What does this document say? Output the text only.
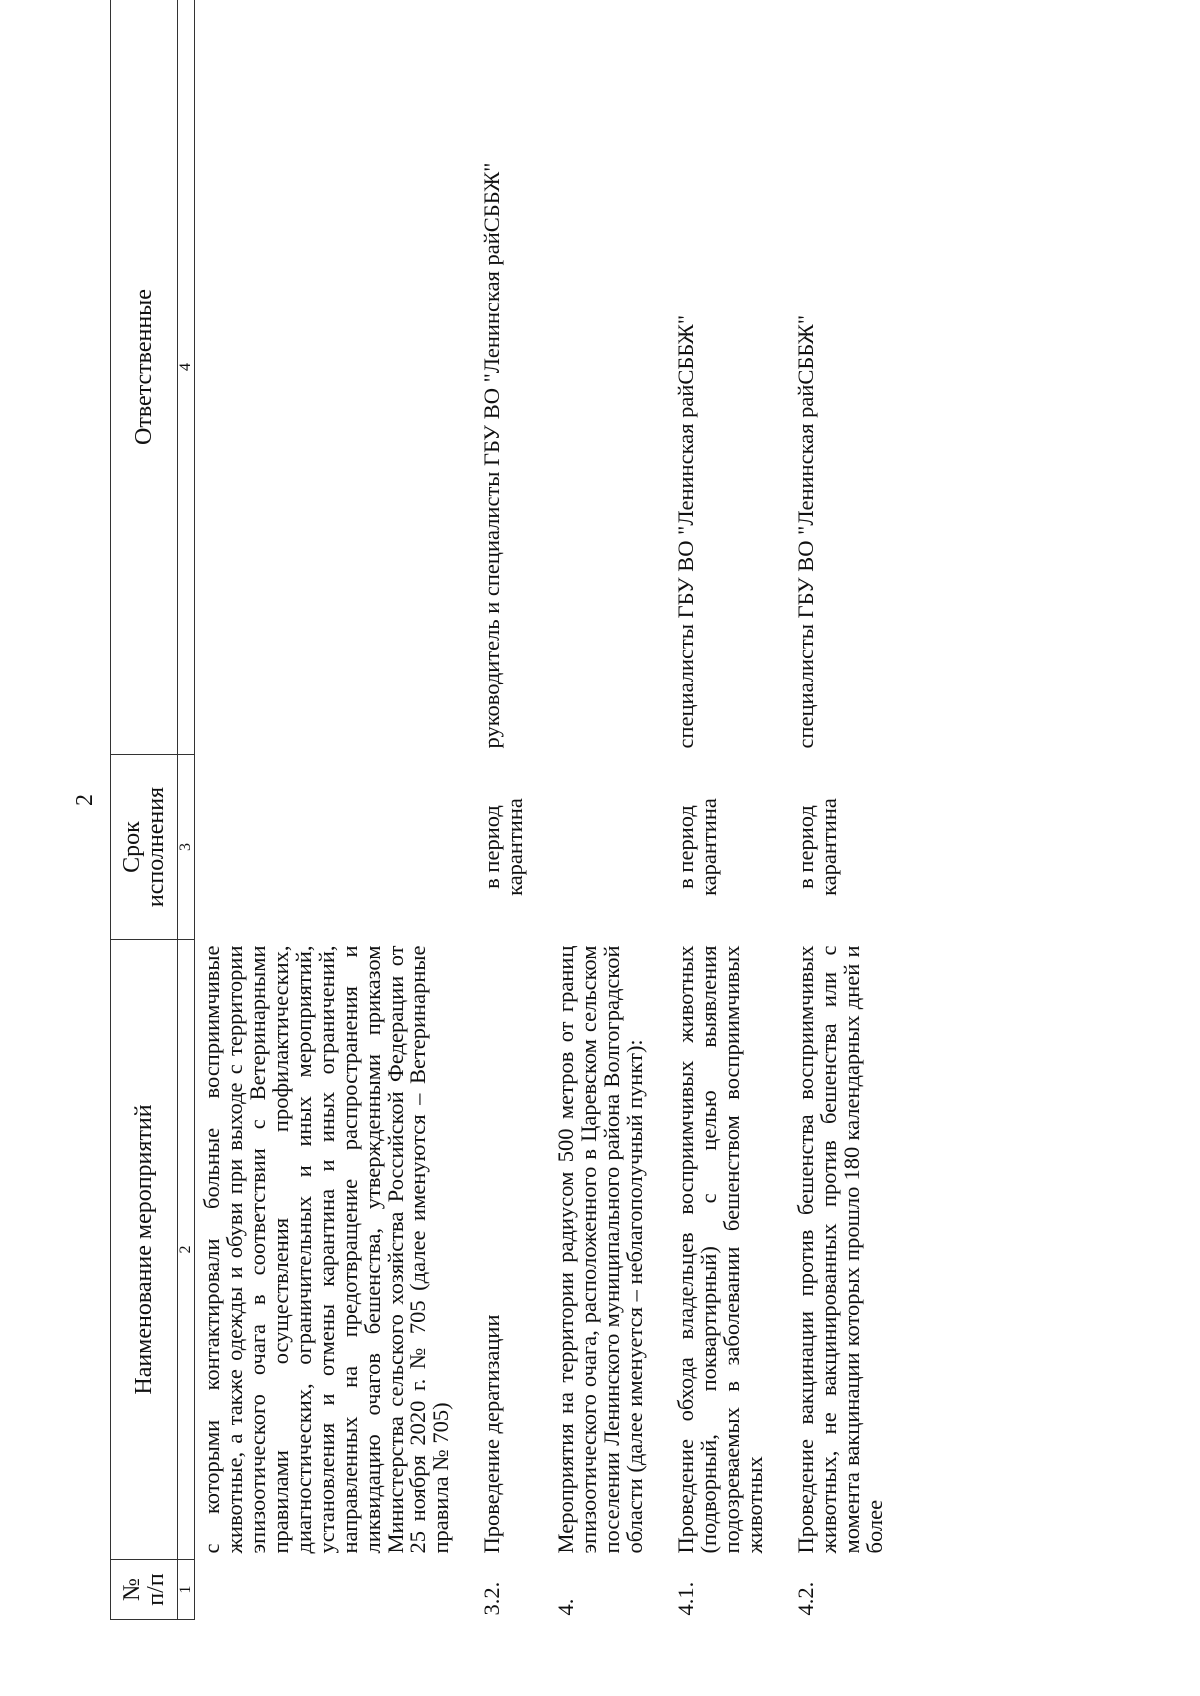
2
№ п/п	Наименование мероприятий	Срок исполнения	Ответственные
1	2	3	4
	с которыми контактировали больные восприимчивые животные, а также одежды и обуви при выходе с территории эпизоотического очага в соответствии с Ветеринарными правилами осуществления профилактических, диагностических, ограничительных и иных мероприятий, установления и отмены карантина и иных ограничений, направленных на предотвращение распространения и ликвидацию очагов бешенства, утвержденными приказом Министерства сельского хозяйства Российской Федерации от 25 ноября 2020 г. № 705 (далее именуются – Ветеринарные правила № 705)		
3.2.	Проведение дератизации	в период карантина	руководитель и специалисты ГБУ ВО "Ленинская райСББЖ"
4.	Мероприятия на территории радиусом 500 метров от границ эпизоотического очага, расположенного в Царевском сельском поселении Ленинского муниципального района Волгоградской области (далее именуется – неблагополучный пункт):		
4.1.	Проведение обхода владельцев восприимчивых животных (подворный, поквартирный) с целью выявления подозреваемых в заболевании бешенством восприимчивых животных	в период карантина	специалисты ГБУ ВО "Ленинская райСББЖ"
4.2.	Проведение вакцинации против бешенства восприимчивых животных, не вакцинированных против бешенства или с момента вакцинации которых прошло 180 календарных дней и более	в период карантина	специалисты ГБУ ВО "Ленинская райСББЖ"
